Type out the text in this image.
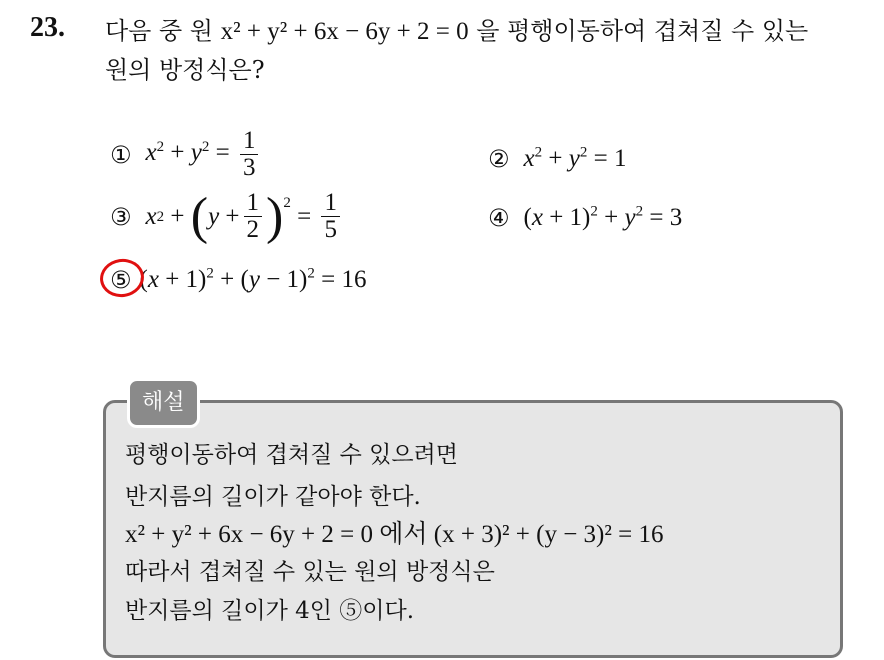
23. 다음 중 원 x² + y² + 6x − 6y + 2 = 0 을 평행이동하여 겹쳐질 수 있는
원의 방정식은?
① $x^2 + y^2 = \frac{1}{3}$	② $x^2 + y^2 = 1$
③ x 2 + ( $y + \frac{1}{2} )^2 = \frac{1}{5}$	④ $(x + 1)^2 + y^2 = 3$
⑤ $(x + 1)^2 + (y - 1)^2 = 16$
해설
평행이동하여 겹쳐질 수 있으려면
반지름의 길이가 같아야 한다.
x² + y² + 6x − 6y + 2 = 0 에서 (x + 3)² + (y − 3)² = 16
따라서 겹쳐질 수 있는 원의 방정식은
반지름의 길이가 4인 ⑤이다.
